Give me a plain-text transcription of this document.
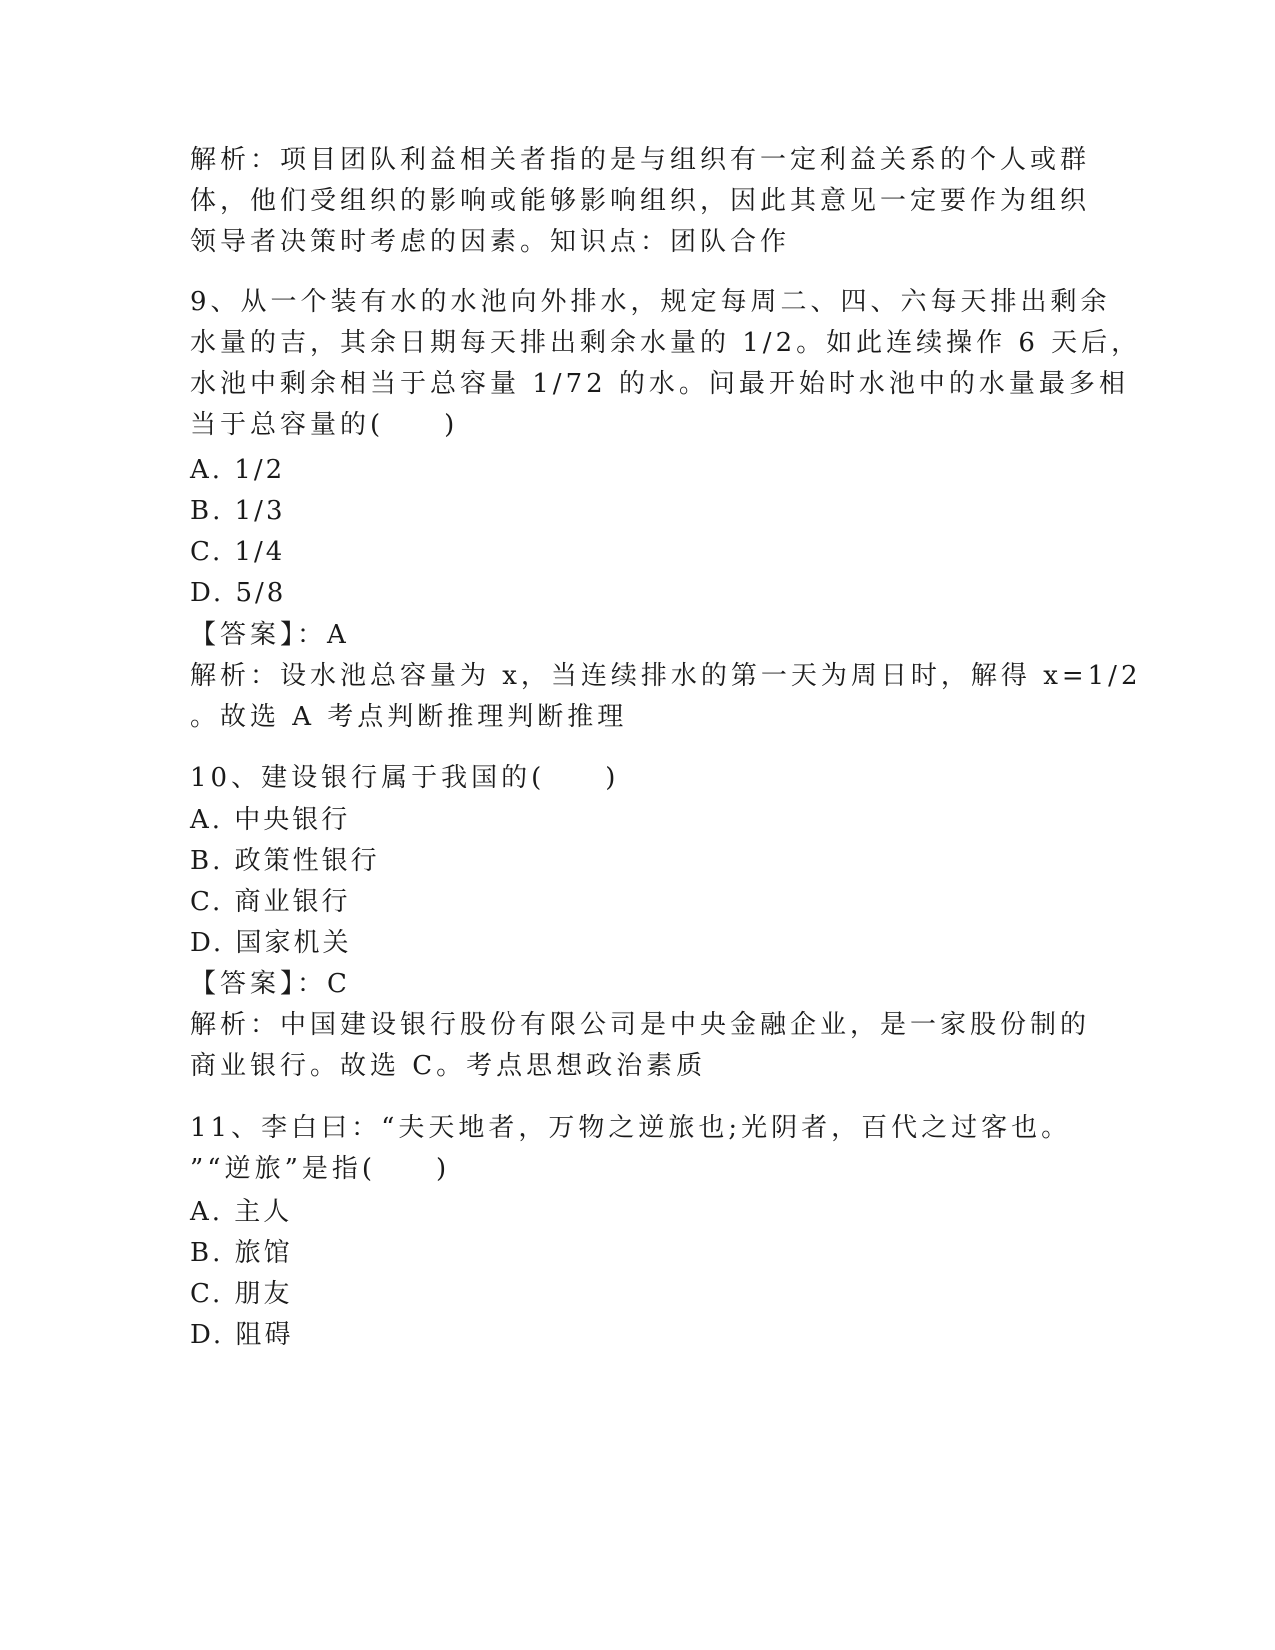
解析：项目团队利益相关者指的是与组织有一定利益关系的个人或群
体，他们受组织的影响或能够影响组织，因此其意见一定要作为组织
领导者决策时考虑的因素。知识点：团队合作
9、从一个装有水的水池向外排水，规定每周二、四、六每天排出剩余
水量的吉，其余日期每天排出剩余水量的 1/2。如此连续操作 6 天后，
水池中剩余相当于总容量 1/72 的水。问最开始时水池中的水量最多相
当于总容量的(　　)
A. 1/2
B. 1/3
C. 1/4
D. 5/8
【答案】：A
解析：设水池总容量为 x，当连续排水的第一天为周日时，解得 x=1/2
。故选 A 考点判断推理判断推理
10、建设银行属于我国的(　　)
A. 中央银行
B. 政策性银行
C. 商业银行
D. 国家机关
【答案】：C
解析：中国建设银行股份有限公司是中央金融企业，是一家股份制的
商业银行。故选 C。考点思想政治素质
11、李白曰：“夫天地者，万物之逆旅也;光阴者，百代之过客也。
”“逆旅”是指(　　)
A. 主人
B. 旅馆
C. 朋友
D. 阻碍
